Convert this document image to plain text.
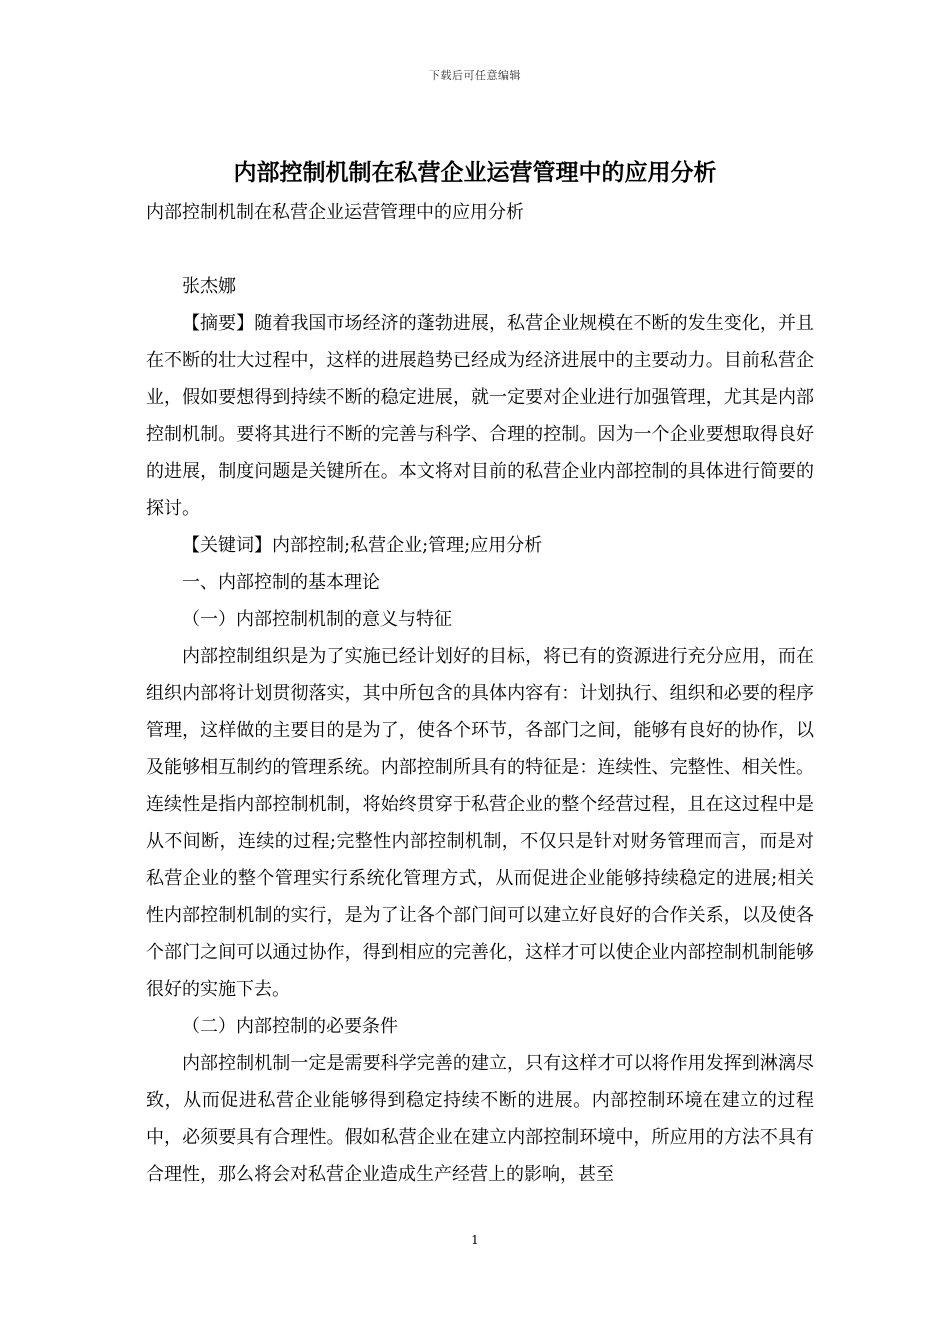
下载后可任意编辑
内部控制机制在私营企业运营管理中的应用分析

内部控制机制在私营企业运营管理中的应用分析

张杰娜

【摘要】随着我国市场经济的蓬勃进展，私营企业规模在不断的发生变化，并且在不断的壮大过程中，这样的进展趋势已经成为经济进展中的主要动力。目前私营企业，假如要想得到持续不断的稳定进展，就一定要对企业进行加强管理，尤其是内部控制机制。要将其进行不断的完善与科学、合理的控制。因为一个企业要想取得良好的进展，制度问题是关键所在。本文将对目前的私营企业内部控制的具体进行简要的探讨。

【关键词】内部控制;私营企业;管理;应用分析

一、内部控制的基本理论

（一）内部控制机制的意义与特征

内部控制组织是为了实施已经计划好的目标，将已有的资源进行充分应用，而在组织内部将计划贯彻落实，其中所包含的具体内容有：计划执行、组织和必要的程序管理，这样做的主要目的是为了，使各个环节，各部门之间，能够有良好的协作，以及能够相互制约的管理系统。内部控制所具有的特征是：连续性、完整性、相关性。连续性是指内部控制机制，将始终贯穿于私营企业的整个经营过程，且在这过程中是从不间断，连续的过程;完整性内部控制机制，不仅只是针对财务管理而言，而是对私营企业的整个管理实行系统化管理方式，从而促进企业能够持续稳定的进展;相关性内部控制机制的实行，是为了让各个部门间可以建立好良好的合作关系，以及使各个部门之间可以通过协作，得到相应的完善化，这样才可以使企业内部控制机制能够很好的实施下去。

（二）内部控制的必要条件

内部控制机制一定是需要科学完善的建立，只有这样才可以将作用发挥到淋漓尽致，从而促进私营企业能够得到稳定持续不断的进展。内部控制环境在建立的过程中，必须要具有合理性。假如私营企业在建立内部控制环境中，所应用的方法不具有合理性，那么将会对私营企业造成生产经营上的影响，甚至

1
